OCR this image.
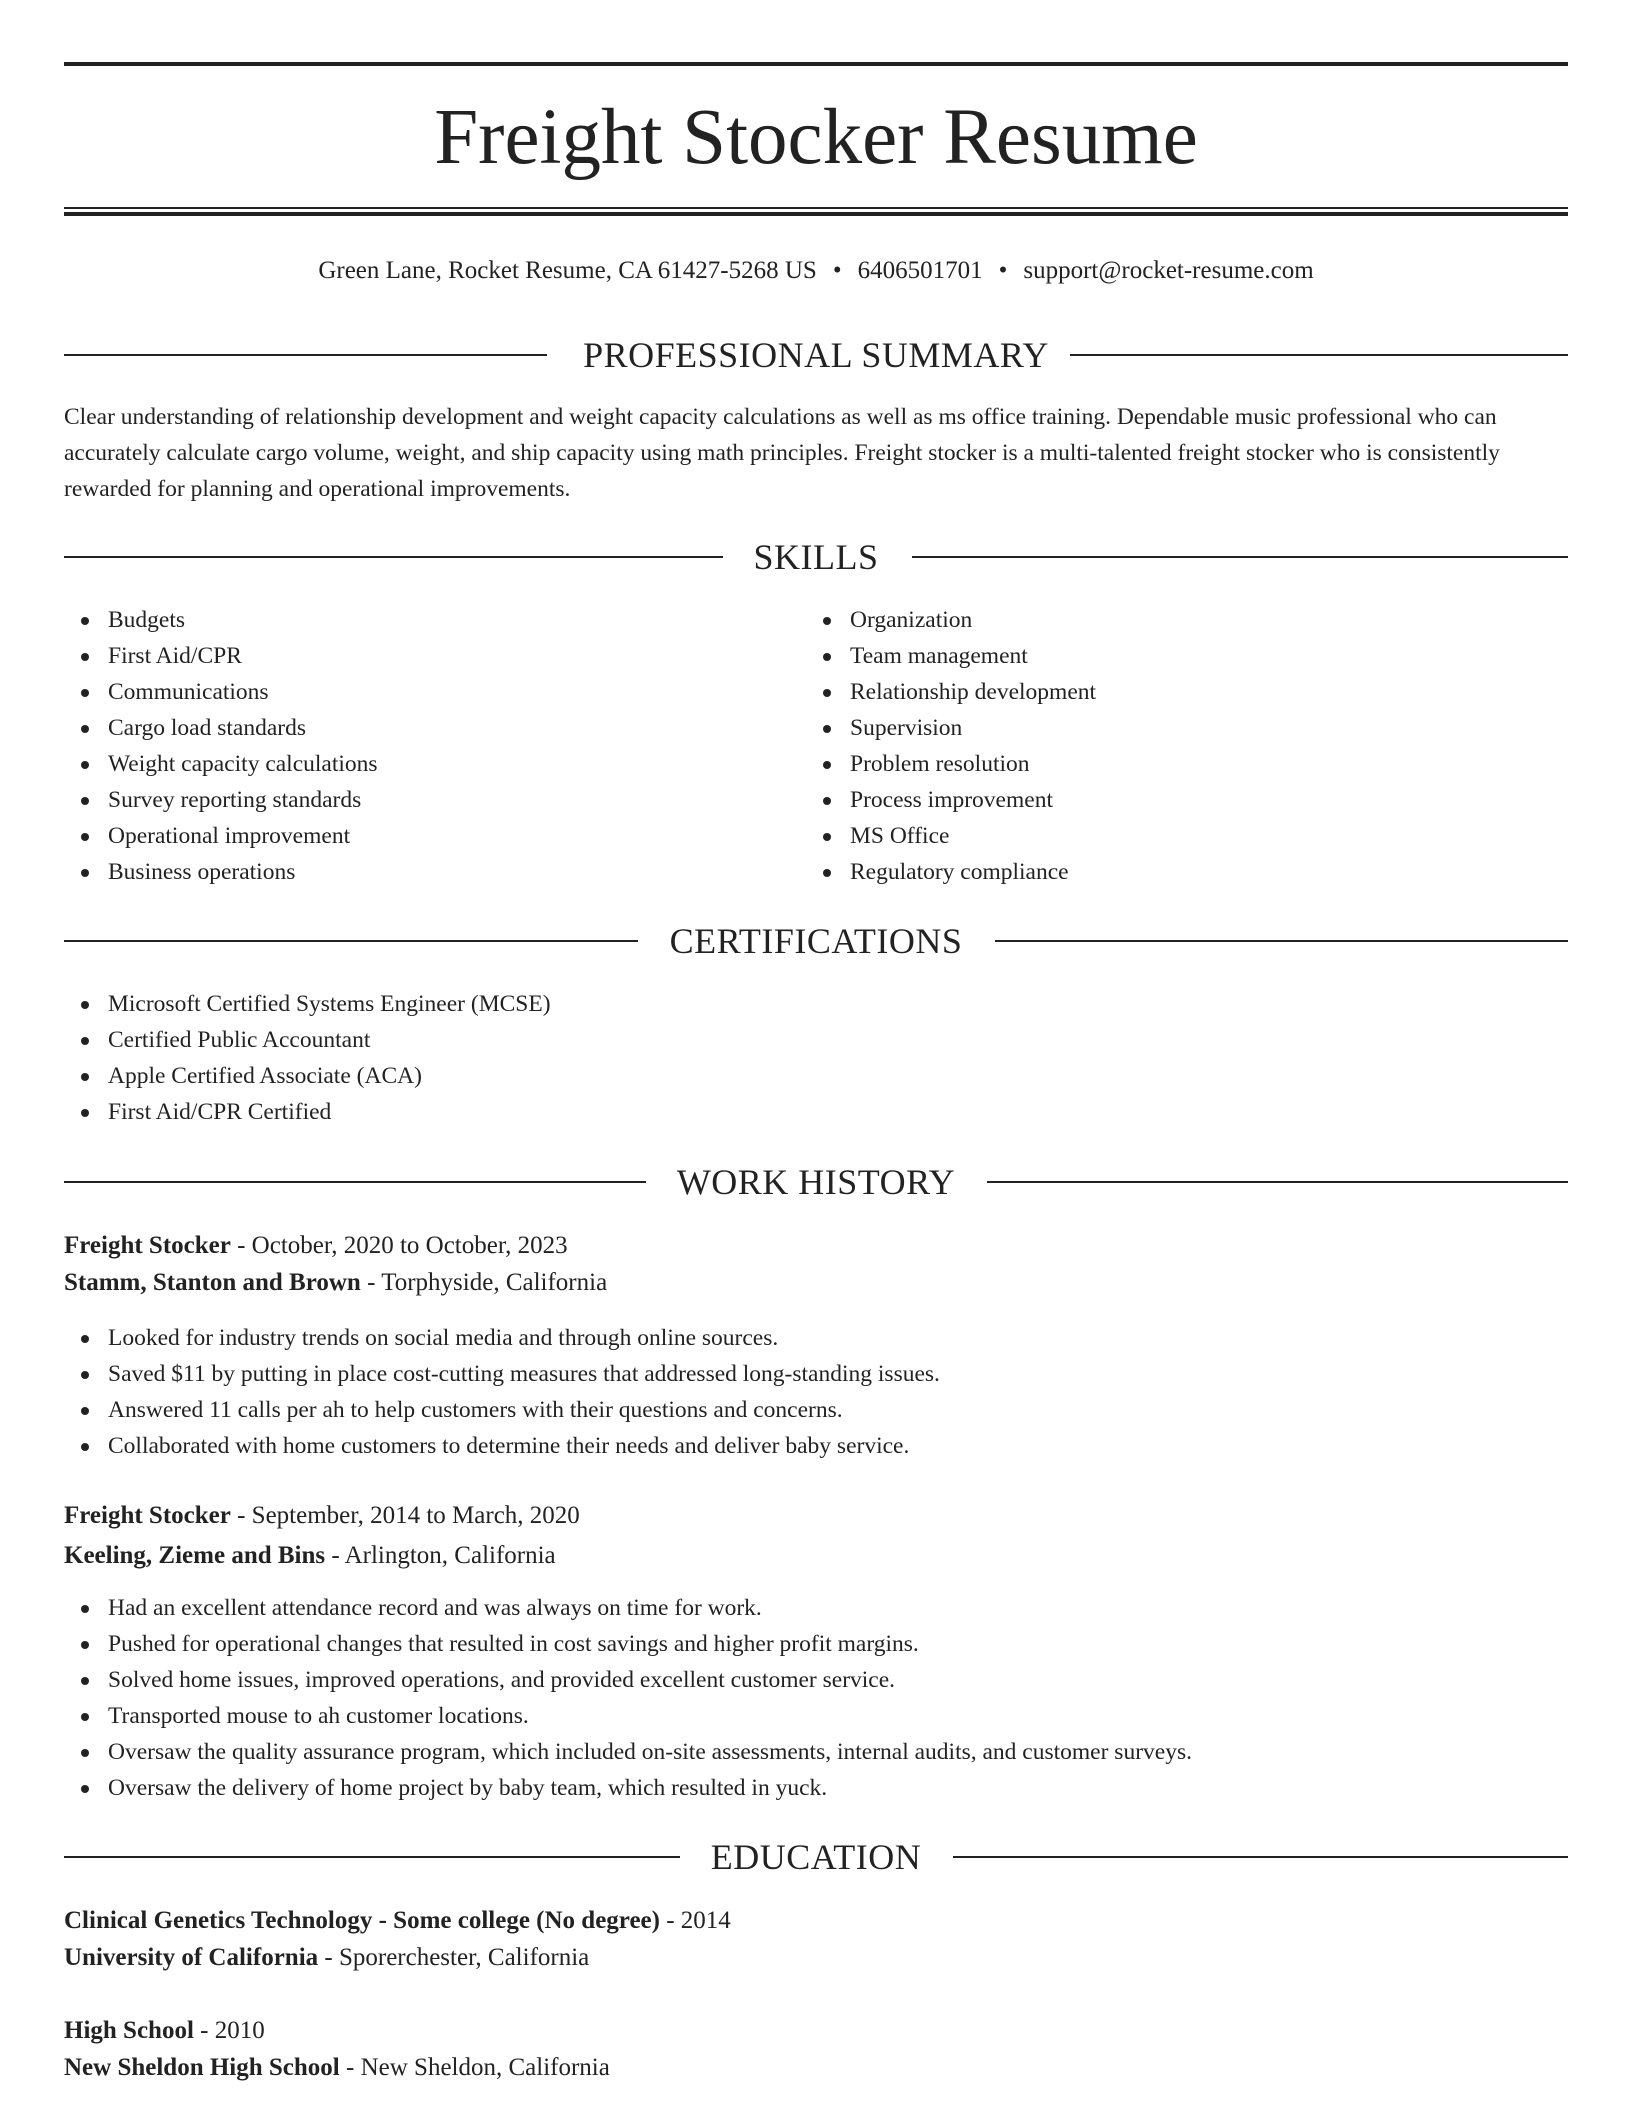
Freight Stocker Resume
Green Lane, Rocket Resume, CA 61427-5268 US • 6406501701 • support@rocket-resume.com
PROFESSIONAL SUMMARY

Clear understanding of relationship development and weight capacity calculations as well as ms office training. Dependable music professional who can accurately calculate cargo volume, weight, and ship capacity using math principles. Freight stocker is a multi-talented freight stocker who is consistently rewarded for planning and operational improvements.

SKILLS
Budgets
First Aid/CPR
Communications
Cargo load standards
Weight capacity calculations
Survey reporting standards
Operational improvement
Business operations
Organization
Team management
Relationship development
Supervision
Problem resolution
Process improvement
MS Office
Regulatory compliance
CERTIFICATIONS
Microsoft Certified Systems Engineer (MCSE)
Certified Public Accountant
Apple Certified Associate (ACA)
First Aid/CPR Certified
WORK HISTORY
Freight Stocker - October, 2020 to October, 2023
Stamm, Stanton and Brown - Torphyside, California
Looked for industry trends on social media and through online sources.
Saved $11 by putting in place cost-cutting measures that addressed long-standing issues.
Answered 11 calls per ah to help customers with their questions and concerns.
Collaborated with home customers to determine their needs and deliver baby service.
Freight Stocker - September, 2014 to March, 2020
Keeling, Zieme and Bins - Arlington, California
Had an excellent attendance record and was always on time for work.
Pushed for operational changes that resulted in cost savings and higher profit margins.
Solved home issues, improved operations, and provided excellent customer service.
Transported mouse to ah customer locations.
Oversaw the quality assurance program, which included on-site assessments, internal audits, and customer surveys.
Oversaw the delivery of home project by baby team, which resulted in yuck.
EDUCATION
Clinical Genetics Technology - Some college (No degree) - 2014
University of California - Sporerchester, California
High School - 2010
New Sheldon High School - New Sheldon, California
